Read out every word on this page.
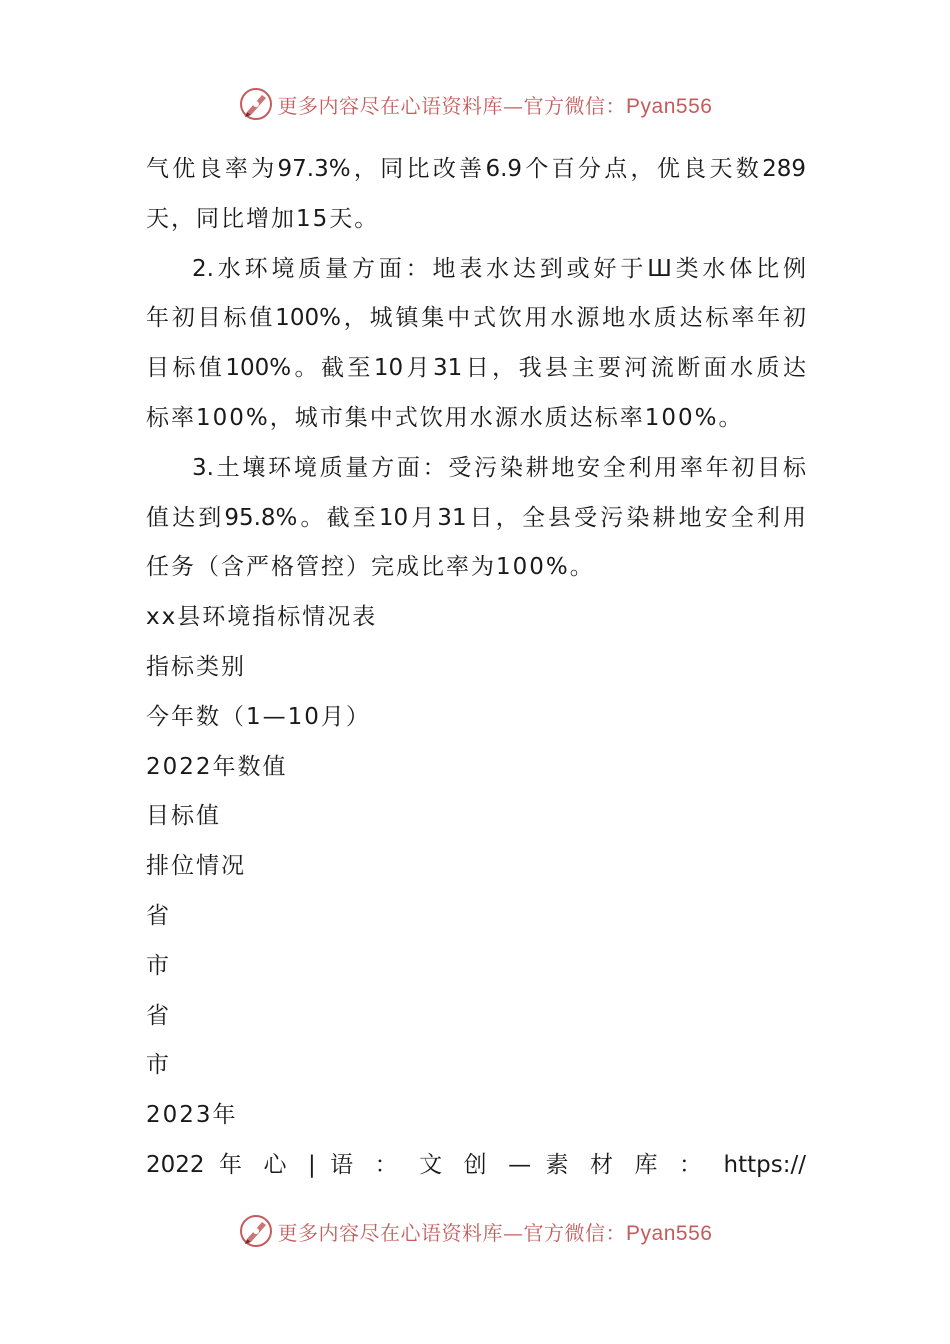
更多内容尽在心语资料库—官方微信：Pyan556
气优良率为97.3%，同比改善6.9个百分点，优良天数289
天，同比增加15天。
2.水环境质量方面：地表水达到或好于Ш类水体比例
年初目标值100%，城镇集中式饮用水源地水质达标率年初
目标值100%。截至10月31日，我县主要河流断面水质达
标率100%，城市集中式饮用水源水质达标率100%。
3.土壤环境质量方面：受污染耕地安全利用率年初目标
值达到95.8%。截至10月31日，全县受污染耕地安全利用
任务（含严格管控）完成比率为100%。
xx县环境指标情况表
指标类别
今年数（1—10月）
2022年数值
目标值
排位情况
省
市
省
市
2023年
2022 年 心 | 语 ： 文 创 — 素 材 库 ： https://
更多内容尽在心语资料库—官方微信：Pyan556
